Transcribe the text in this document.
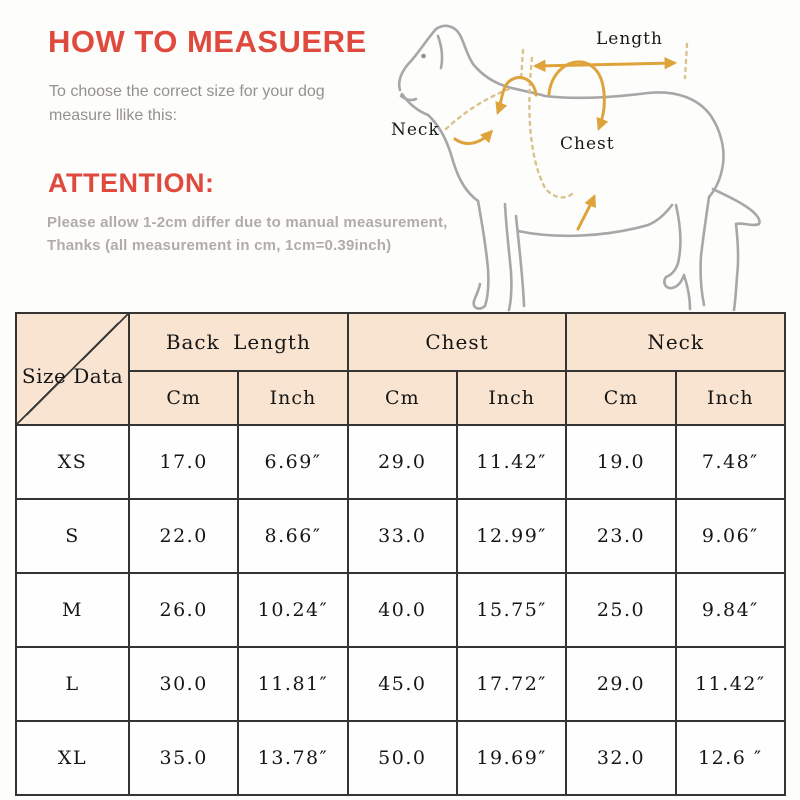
HOW TO MEASUERE

To choose the correct size for your dog
measure llike this:

ATTENTION:

Please allow 1-2cm differ due to manual measurement,
Thanks (all measurement in cm, 1cm=0.39inch)

Length
Neck
Chest
Size Data	Back Length		Chest		Neck	
	Cm	Inch	Cm	Inch	Cm	Inch
XS	17.0	6.69″	29.0	11.42″	19.0	7.48″
S	22.0	8.66″	33.0	12.99″	23.0	9.06″
M	26.0	10.24″	40.0	15.75″	25.0	9.84″
L	30.0	11.81″	45.0	17.72″	29.0	11.42″
XL	35.0	13.78″	50.0	19.69″	32.0	12.6 ″
